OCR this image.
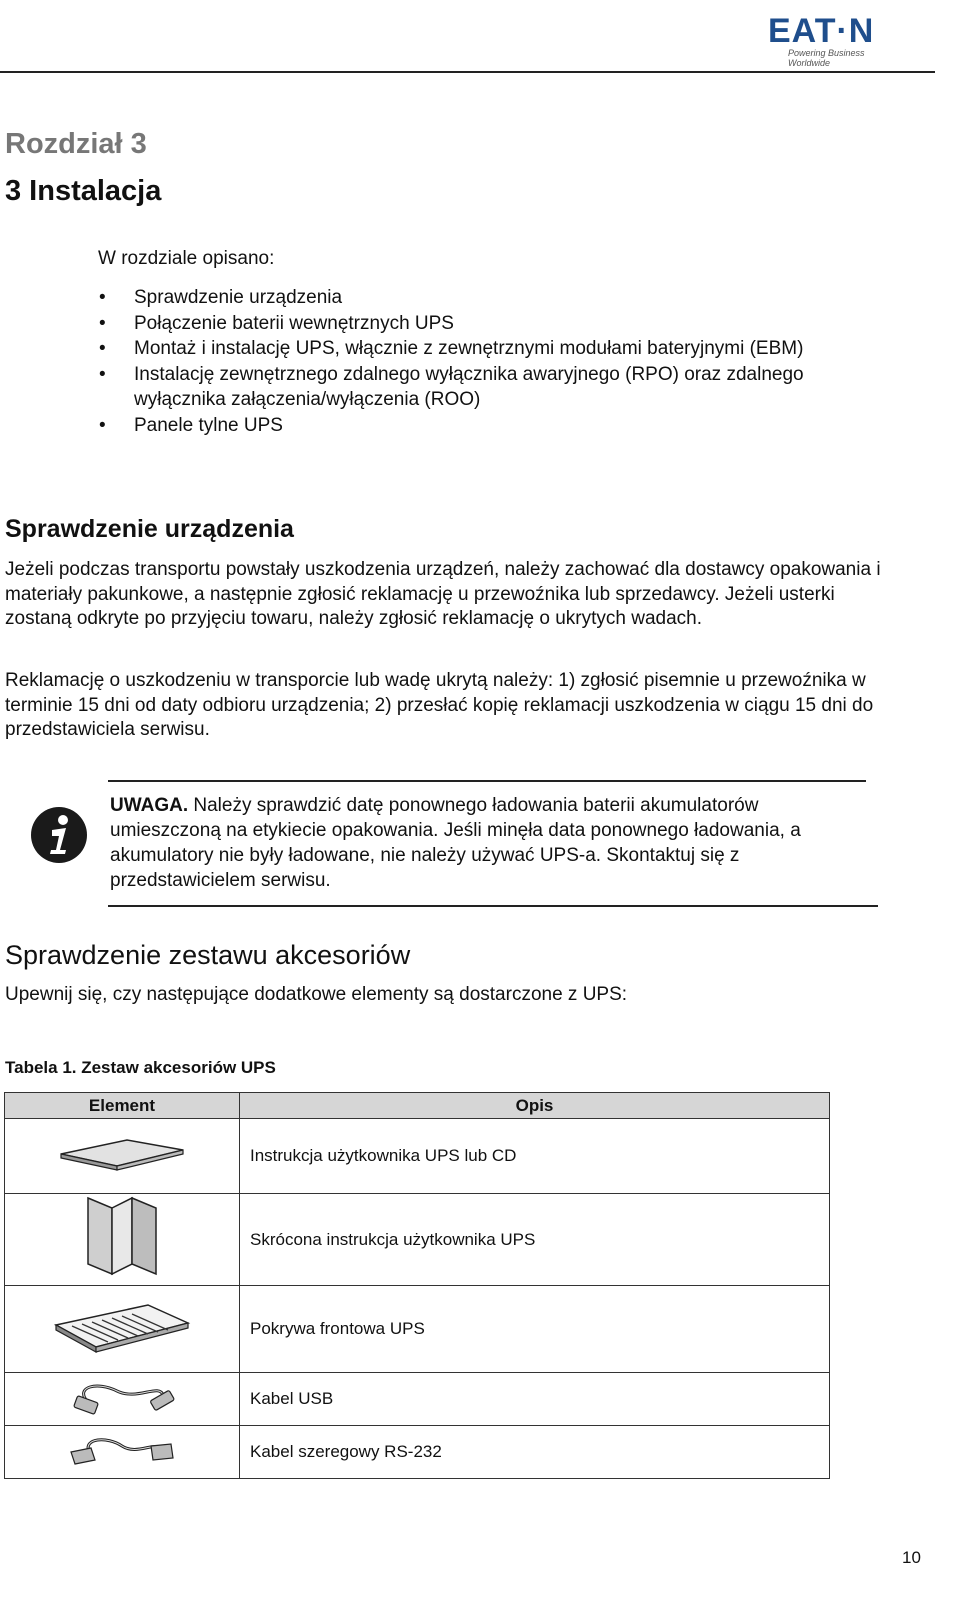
EAT·N
Powering Business Worldwide
Rozdział 3
3 Instalacja
W rozdziale opisano:
• Sprawdzenie urządzenia
• Połączenie baterii wewnętrznych UPS
• Montaż i instalację UPS, włącznie z zewnętrznymi modułami bateryjnymi (EBM)
• Instalację zewnętrznego zdalnego wyłącznika awaryjnego (RPO) oraz zdalnego wyłącznika załączenia/wyłączenia (ROO)
• Panele tylne UPS
Sprawdzenie urządzenia

Jeżeli podczas transportu powstały uszkodzenia urządzeń, należy zachować dla dostawcy opakowania i materiały pakunkowe, a następnie zgłosić reklamację u przewoźnika lub sprzedawcy. Jeżeli usterki zostaną odkryte po przyjęciu towaru, należy zgłosić reklamację o ukrytych wadach.

Reklamację o uszkodzeniu w transporcie lub wadę ukrytą należy: 1) zgłosić pisemnie u przewoźnika w terminie 15 dni od daty odbioru urządzenia; 2) przesłać kopię reklamacji uszkodzenia w ciągu 15 dni do przedstawiciela serwisu.

UWAGA. Należy sprawdzić datę ponownego ładowania baterii akumulatorów umieszczoną na etykiecie opakowania. Jeśli minęła data ponownego ładowania, a akumulatory nie były ładowane, nie należy używać UPS-a. Skontaktuj się z przedstawicielem serwisu.

Sprawdzenie zestawu akcesoriów
Upewnij się, czy następujące dodatkowe elementy są dostarczone z UPS:
Tabela 1. Zestaw akcesoriów UPS
Element	Opis
	Instrukcja użytkownika UPS lub CD
	Skrócona instrukcja użytkownika UPS
	Pokrywa frontowa UPS
	Kabel USB
	Kabel szeregowy RS-232
10
